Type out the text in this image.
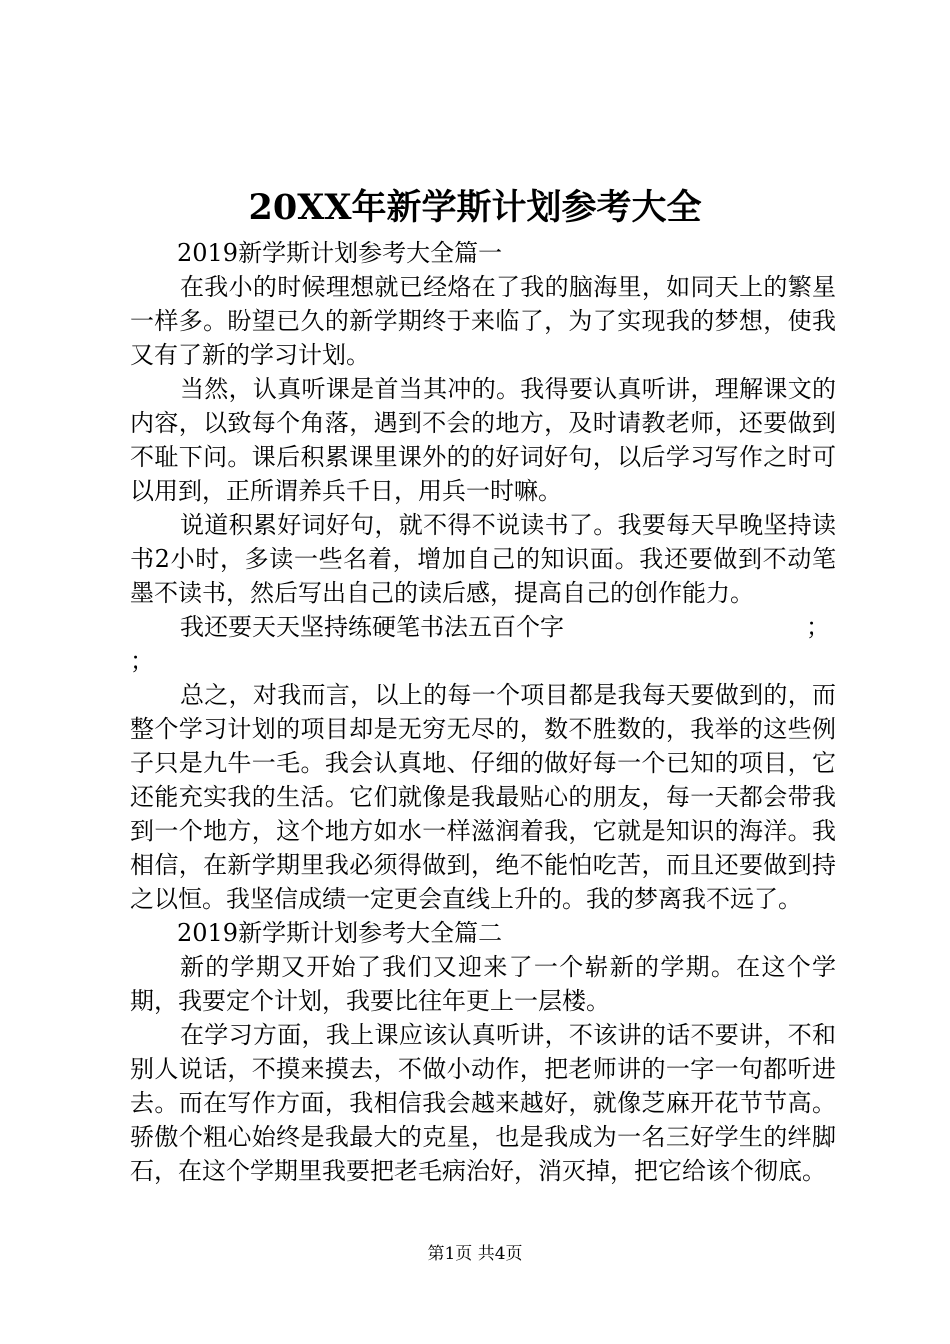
20XX年新学斯计划参考大全

2019新学斯计划参考大全篇一

在我小的时候理想就已经烙在了我的脑海里，如同天上的繁星一样多。盼望已久的新学期终于来临了，为了实现我的梦想，使我又有了新的学习计划。

当然，认真听课是首当其冲的。我得要认真听讲，理解课文的内容，以致每个角落，遇到不会的地方，及时请教老师，还要做到不耻下问。课后积累课里课外的的好词好句，以后学习写作之时可以用到，正所谓养兵千日，用兵一时嘛。

说道积累好词好句，就不得不说读书了。我要每天早晚坚持读书2小时，多读一些名着，增加自己的知识面。我还要做到不动笔墨不读书，然后写出自己的读后感，提高自己的创作能力。

我还要天天坚持练硬笔书法五百个字	；

；

总之，对我而言，以上的每一个项目都是我每天要做到的，而整个学习计划的项目却是无穷无尽的，数不胜数的，我举的这些例子只是九牛一毛。我会认真地、仔细的做好每一个已知的项目，它还能充实我的生活。它们就像是我最贴心的朋友，每一天都会带我到一个地方，这个地方如水一样滋润着我，它就是知识的海洋。我相信，在新学期里我必须得做到，绝不能怕吃苦，而且还要做到持之以恒。我坚信成绩一定更会直线上升的。我的梦离我不远了。

2019新学斯计划参考大全篇二

新的学期又开始了我们又迎来了一个崭新的学期。在这个学期，我要定个计划，我要比往年更上一层楼。

在学习方面，我上课应该认真听讲，不该讲的话不要讲，不和别人说话，不摸来摸去，不做小动作，把老师讲的一字一句都听进去。而在写作方面，我相信我会越来越好，就像芝麻开花节节高。骄傲个粗心始终是我最大的克星，也是我成为一名三好学生的绊脚石，在这个学期里我要把老毛病治好，消灭掉，把它给该个彻底。

第1页 共4页
